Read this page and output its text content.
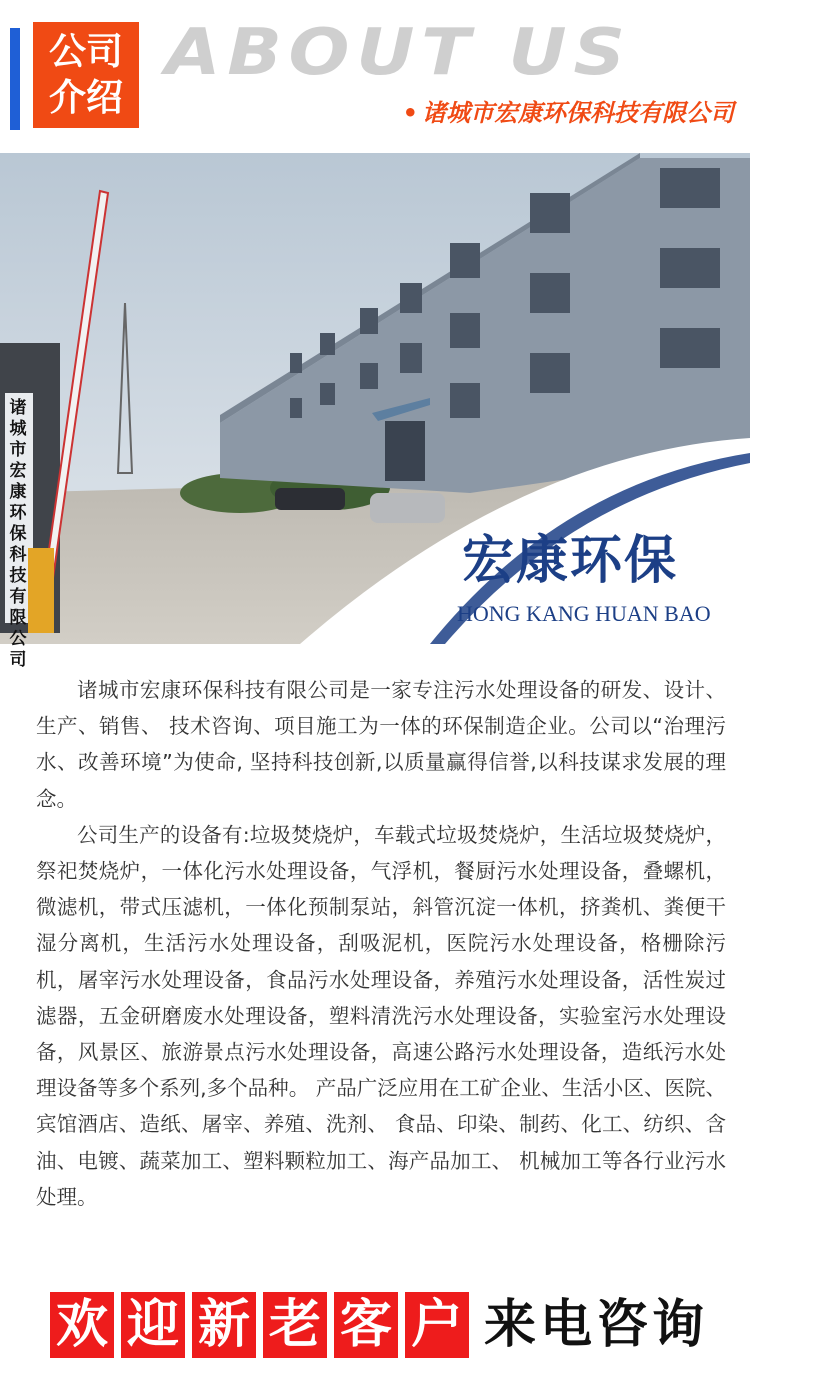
公司介绍
ABOUT US
• 诸城市宏康环保科技有限公司
诸城市宏康环保科技有限公司
宏康环保
HONG KANG HUAN BAO

诸城市宏康环保科技有限公司是一家专注污水处理设备的研发、设计、生产、销售、 技术咨询、项目施工为一体的环保制造企业。公司以“治理污水、改善环境”为使命, 坚持科技创新,以质量赢得信誉,以科技谋求发展的理念。

公司生产的设备有:垃圾焚烧炉，车载式垃圾焚烧炉，生活垃圾焚烧炉，祭祀焚烧炉，一体化污水处理设备，气浮机，餐厨污水处理设备，叠螺机，微滤机，带式压滤机，一体化预制泵站，斜管沉淀一体机，挤粪机、粪便干湿分离机，生活污水处理设备，刮吸泥机，医院污水处理设备，格栅除污机，屠宰污水处理设备，食品污水处理设备，养殖污水处理设备，活性炭过滤器，五金研磨废水处理设备，塑料清洗污水处理设备，实验室污水处理设备，风景区、旅游景点污水处理设备，高速公路污水处理设备，造纸污水处理设备等多个系列,多个品种。 产品广泛应用在工矿企业、生活小区、医院、宾馆酒店、造纸、屠宰、养殖、洗剂、 食品、印染、制药、化工、纺织、含油、电镀、蔬菜加工、塑料颗粒加工、海产品加工、 机械加工等各行业污水处理。

欢 迎 新 老 客 户 来电咨询
